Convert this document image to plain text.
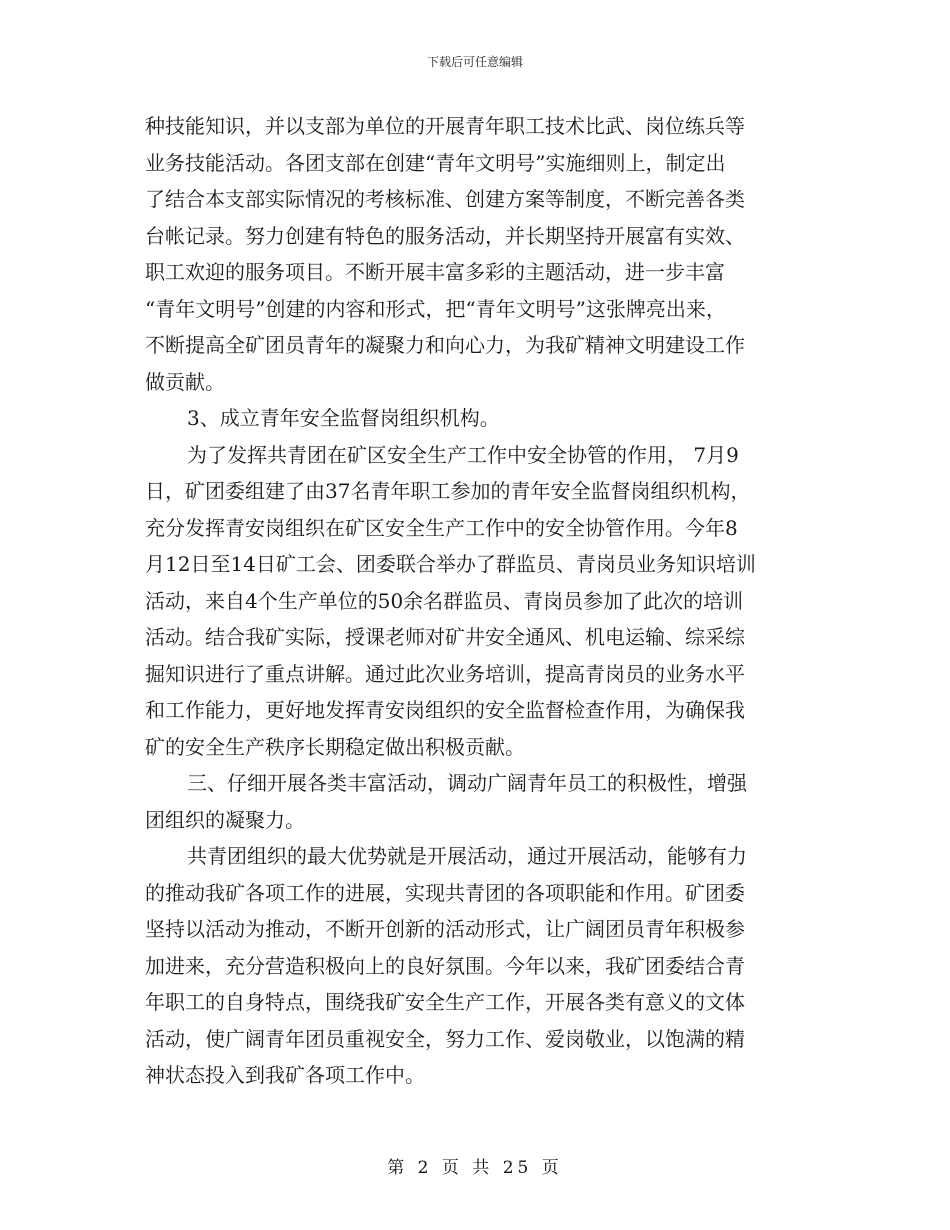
下载后可任意编辑
种技能知识，并以支部为单位的开展青年职工技术比武、岗位练兵等
业务技能活动。各团支部在创建“青年文明号”实施细则上，制定出
了结合本支部实际情况的考核标准、创建方案等制度，不断完善各类
台帐记录。努力创建有特色的服务活动，并长期坚持开展富有实效、
职工欢迎的服务项目。不断开展丰富多彩的主题活动，进一步丰富
“青年文明号”创建的内容和形式，把“青年文明号”这张牌亮出来，
不断提高全矿团员青年的凝聚力和向心力，为我矿精神文明建设工作
做贡献。
3、成立青年安全监督岗组织机构。
为了发挥共青团在矿区安全生产工作中安全协管的作用， 7月9
日，矿团委组建了由37名青年职工参加的青年安全监督岗组织机构，
充分发挥青安岗组织在矿区安全生产工作中的安全协管作用。今年8
月12日至14日矿工会、团委联合举办了群监员、青岗员业务知识培训
活动，来自4个生产单位的50余名群监员、青岗员参加了此次的培训
活动。结合我矿实际，授课老师对矿井安全通风、机电运输、综采综
掘知识进行了重点讲解。通过此次业务培训，提高青岗员的业务水平
和工作能力，更好地发挥青安岗组织的安全监督检查作用，为确保我
矿的安全生产秩序长期稳定做出积极贡献。
三、仔细开展各类丰富活动，调动广阔青年员工的积极性，增强
团组织的凝聚力。
共青团组织的最大优势就是开展活动，通过开展活动，能够有力
的推动我矿各项工作的进展，实现共青团的各项职能和作用。矿团委
坚持以活动为推动，不断开创新的活动形式，让广阔团员青年积极参
加进来，充分营造积极向上的良好氛围。今年以来，我矿团委结合青
年职工的自身特点，围绕我矿安全生产工作，开展各类有意义的文体
活动，使广阔青年团员重视安全，努力工作、爱岗敬业，以饱满的精
神状态投入到我矿各项工作中。
第 2 页 共 25 页
